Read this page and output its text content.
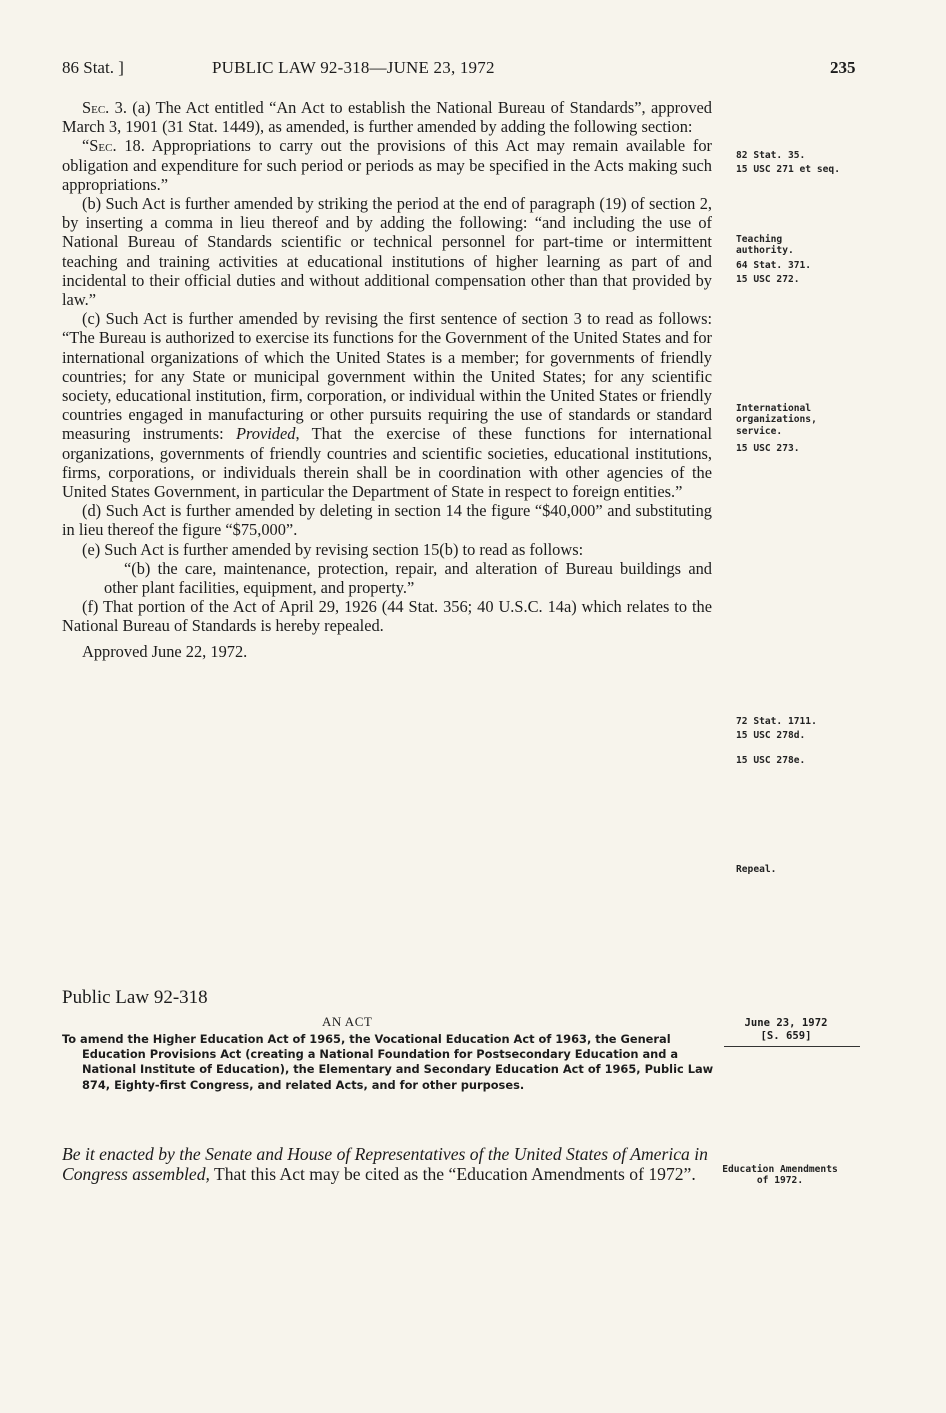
86 Stat. ]	PUBLIC LAW 92-318—JUNE 23, 1972	235

Sec. 3. (a) The Act entitled “An Act to establish the National Bureau of Standards”, approved March 3, 1901 (31 Stat. 1449), as amended, is further amended by adding the following section:

“Sec. 18. Appropriations to carry out the provisions of this Act may remain available for obligation and expenditure for such period or periods as may be specified in the Acts making such appropriations.”

(b) Such Act is further amended by striking the period at the end of paragraph (19) of section 2, by inserting a comma in lieu thereof and by adding the following: “and including the use of National Bureau of Standards scientific or technical personnel for part-time or intermittent teaching and training activities at educational institutions of higher learning as part of and incidental to their official duties and without additional compensation other than that provided by law.”

(c) Such Act is further amended by revising the first sentence of section 3 to read as follows: “The Bureau is authorized to exercise its functions for the Government of the United States and for international organizations of which the United States is a member; for governments of friendly countries; for any State or municipal government within the United States; for any scientific society, educational institution, firm, corporation, or individual within the United States or friendly countries engaged in manufacturing or other pursuits requiring the use of standards or standard measuring instruments: Provided, That the exercise of these functions for international organizations, governments of friendly countries and scientific societies, educational institutions, firms, corporations, or individuals therein shall be in coordination with other agencies of the United States Government, in particular the Department of State in respect to foreign entities.”

(d) Such Act is further amended by deleting in section 14 the figure “$40,000” and substituting in lieu thereof the figure “$75,000”.

(e) Such Act is further amended by revising section 15(b) to read as follows:

“(b) the care, maintenance, protection, repair, and alteration of Bureau buildings and other plant facilities, equipment, and property.”

(f) That portion of the Act of April 29, 1926 (44 Stat. 356; 40 U.S.C. 14a) which relates to the National Bureau of Standards is hereby repealed.

Approved June 22, 1972.

82 Stat. 35.
15 USC 271 et seq.
Teaching authority.
64 Stat. 371.
15 USC 272.
International organizations, service.
15 USC 273.
72 Stat. 1711.
15 USC 278d.
15 USC 278e.
Repeal.
Public Law 92-318
AN ACT	June 23, 1972
[S. 659]
To amend the Higher Education Act of 1965, the Vocational Education Act of 1963, the General Education Provisions Act (creating a National Foundation for Postsecondary Education and a National Institute of Education), the Elementary and Secondary Education Act of 1965, Public Law 874, Eighty-first Congress, and related Acts, and for other purposes.
Be it enacted by the Senate and House of Representatives of the United States of America in Congress assembled, That this Act may be cited as the “Education Amendments of 1972”.	Education Amendments of 1972.
